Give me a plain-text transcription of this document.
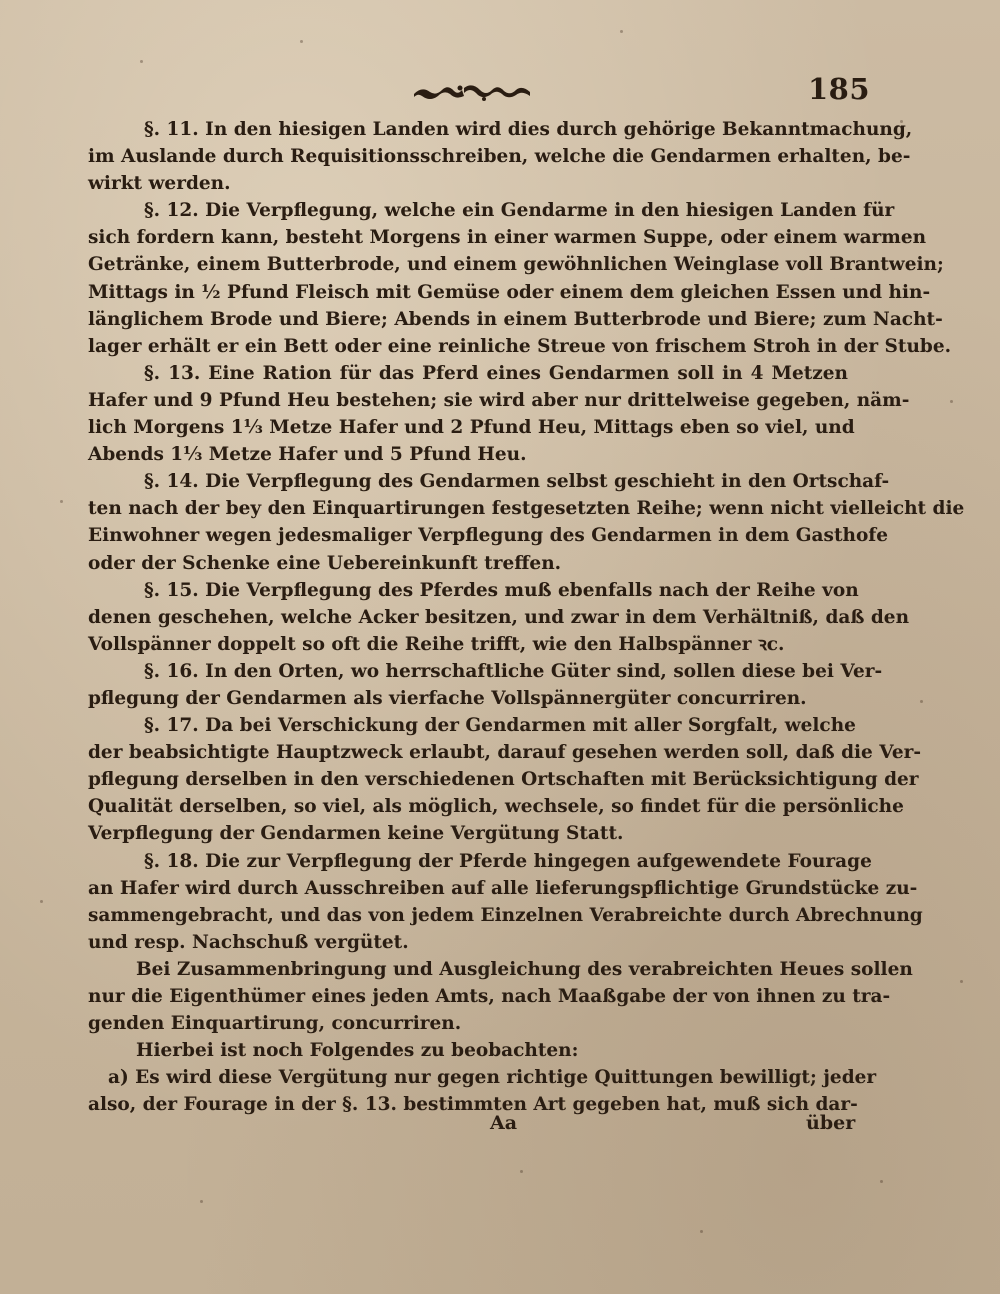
185
§. 11. In den hiesigen Landen wird dies durch gehörige Bekanntmachung,
im Auslande durch Requisitionsschreiben, welche die Gendarmen erhalten, be-
wirkt werden.
§. 12. Die Verpflegung, welche ein Gendarme in den hiesigen Landen für
sich fordern kann, besteht Morgens in einer warmen Suppe, oder einem warmen
Getränke, einem Butterbrode, und einem gewöhnlichen Weinglase voll Brantwein;
Mittags in ½ Pfund Fleisch mit Gemüse oder einem dem gleichen Essen und hin-
länglichem Brode und Biere; Abends in einem Butterbrode und Biere; zum Nacht-
lager erhält er ein Bett oder eine reinliche Streue von frischem Stroh in der Stube.
§. 13. Eine Ration für das Pferd eines Gendarmen soll in 4 Metzen
Hafer und 9 Pfund Heu bestehen; sie wird aber nur drittelweise gegeben, näm-
lich Morgens 1⅓ Metze Hafer und 2 Pfund Heu, Mittags eben so viel, und
Abends 1⅓ Metze Hafer und 5 Pfund Heu.
§. 14. Die Verpflegung des Gendarmen selbst geschieht in den Ortschaf-
ten nach der bey den Einquartirungen festgesetzten Reihe; wenn nicht vielleicht die
Einwohner wegen jedesmaliger Verpflegung des Gendarmen in dem Gasthofe
oder der Schenke eine Uebereinkunft treffen.
§. 15. Die Verpflegung des Pferdes muß ebenfalls nach der Reihe von
denen geschehen, welche Acker besitzen, und zwar in dem Verhältniß, daß den
Vollspänner doppelt so oft die Reihe trifft, wie den Halbspänner ꝛc.
§. 16. In den Orten, wo herrschaftliche Güter sind, sollen diese bei Ver-
pflegung der Gendarmen als vierfache Vollspännergüter concurriren.
§. 17. Da bei Verschickung der Gendarmen mit aller Sorgfalt, welche
der beabsichtigte Hauptzweck erlaubt, darauf gesehen werden soll, daß die Ver-
pflegung derselben in den verschiedenen Ortschaften mit Berücksichtigung der
Qualität derselben, so viel, als möglich, wechsele, so findet für die persönliche
Verpflegung der Gendarmen keine Vergütung Statt.
§. 18. Die zur Verpflegung der Pferde hingegen aufgewendete Fourage
an Hafer wird durch Ausschreiben auf alle lieferungspflichtige Grundstücke zu-
sammengebracht, und das von jedem Einzelnen Verabreichte durch Abrechnung
und resp. Nachschuß vergütet.
Bei Zusammenbringung und Ausgleichung des verabreichten Heues sollen
nur die Eigenthümer eines jeden Amts, nach Maaßgabe der von ihnen zu tra-
genden Einquartirung, concurriren.
Hierbei ist noch Folgendes zu beobachten:
a) Es wird diese Vergütung nur gegen richtige Quittungen bewilligt; jeder
also, der Fourage in der §. 13. bestimmten Art gegeben hat, muß sich dar-
Aa	über
